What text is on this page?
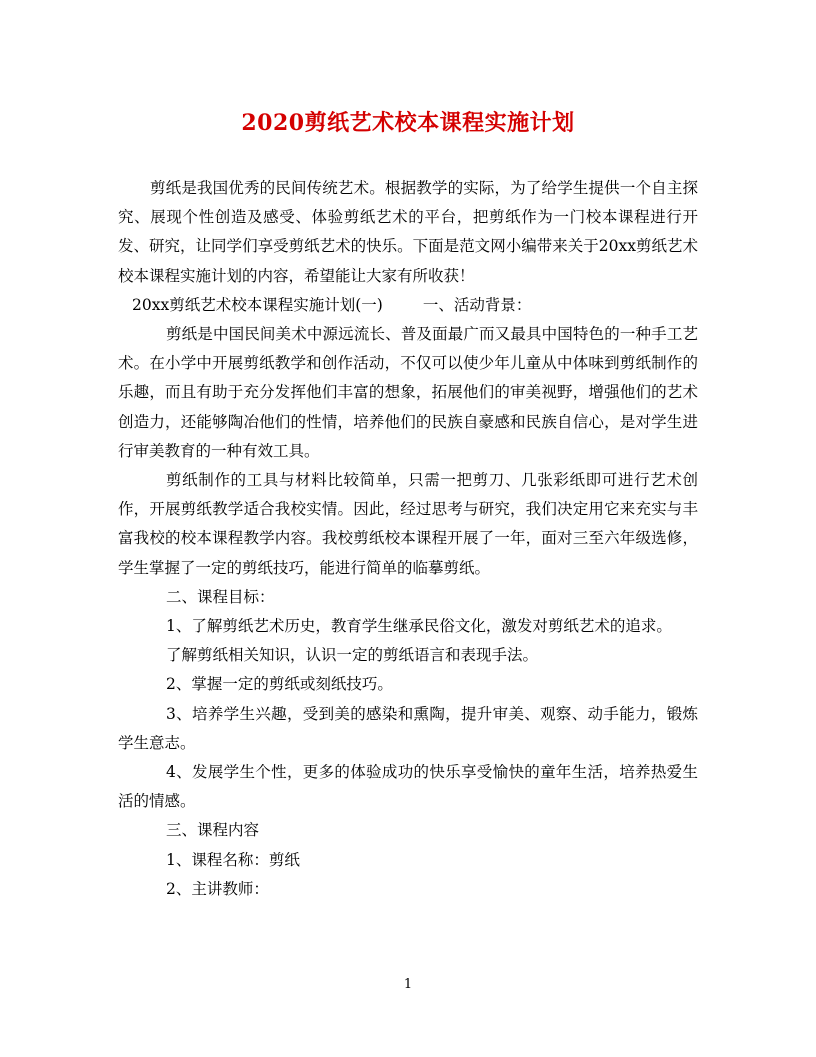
2020剪纸艺术校本课程实施计划

剪纸是我国优秀的民间传统艺术。根据教学的实际，为了给学生提供一个自主探究、展现个性创造及感受、体验剪纸艺术的平台，把剪纸作为一门校本课程进行开发、研究，让同学们享受剪纸艺术的快乐。下面是范文网小编带来关于20xx剪纸艺术校本课程实施计划的内容，希望能让大家有所收获！

20xx剪纸艺术校本课程实施计划(一)	一、活动背景：

剪纸是中国民间美术中源远流长、普及面最广而又最具中国特色的一种手工艺术。在小学中开展剪纸教学和创作活动，不仅可以使少年儿童从中体味到剪纸制作的乐趣，而且有助于充分发挥他们丰富的想象，拓展他们的审美视野，增强他们的艺术创造力，还能够陶冶他们的性情，培养他们的民族自豪感和民族自信心，是对学生进行审美教育的一种有效工具。

剪纸制作的工具与材料比较简单，只需一把剪刀、几张彩纸即可进行艺术创作，开展剪纸教学适合我校实情。因此，经过思考与研究，我们决定用它来充实与丰富我校的校本课程教学内容。我校剪纸校本课程开展了一年，面对三至六年级选修，学生掌握了一定的剪纸技巧，能进行简单的临摹剪纸。

二、课程目标：

1、了解剪纸艺术历史，教育学生继承民俗文化，激发对剪纸艺术的追求。

了解剪纸相关知识，认识一定的剪纸语言和表现手法。

2、掌握一定的剪纸或刻纸技巧。

3、培养学生兴趣，受到美的感染和熏陶，提升审美、观察、动手能力，锻炼学生意志。

4、发展学生个性，更多的体验成功的快乐享受愉快的童年生活，培养热爱生活的情感。

三、课程内容

1、课程名称：剪纸

2、主讲教师：

1
